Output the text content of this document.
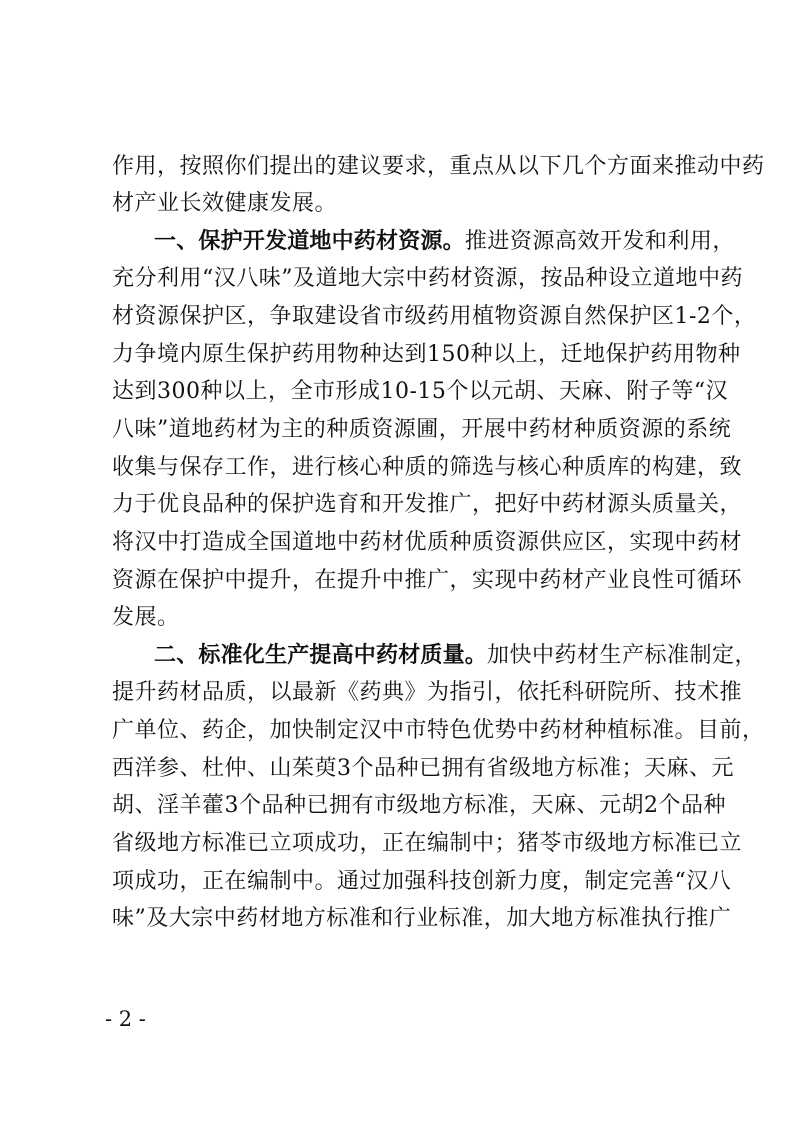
作用，按照你们提出的建议要求，重点从以下几个方面来推动中药
材产业长效健康发展。
一、保护开发道地中药材资源。推进资源高效开发和利用，
充分利用“汉八味”及道地大宗中药材资源，按品种设立道地中药
材资源保护区，争取建设省市级药用植物资源自然保护区1-2个，
力争境内原生保护药用物种达到150种以上，迁地保护药用物种
达到300种以上，全市形成10-15个以元胡、天麻、附子等“汉
八味”道地药材为主的种质资源圃，开展中药材种质资源的系统
收集与保存工作，进行核心种质的筛选与核心种质库的构建，致
力于优良品种的保护选育和开发推广，把好中药材源头质量关，
将汉中打造成全国道地中药材优质种质资源供应区，实现中药材
资源在保护中提升，在提升中推广，实现中药材产业良性可循环
发展。
二、标准化生产提高中药材质量。加快中药材生产标准制定，
提升药材品质，以最新《药典》为指引，依托科研院所、技术推
广单位、药企，加快制定汉中市特色优势中药材种植标准。目前，
西洋参、杜仲、山茱萸3个品种已拥有省级地方标准；天麻、元
胡、淫羊藿3个品种已拥有市级地方标准，天麻、元胡2个品种
省级地方标准已立项成功，正在编制中；猪苓市级地方标准已立
项成功，正在编制中。通过加强科技创新力度，制定完善“汉八
味”及大宗中药材地方标准和行业标准，加大地方标准执行推广
- 2 -
